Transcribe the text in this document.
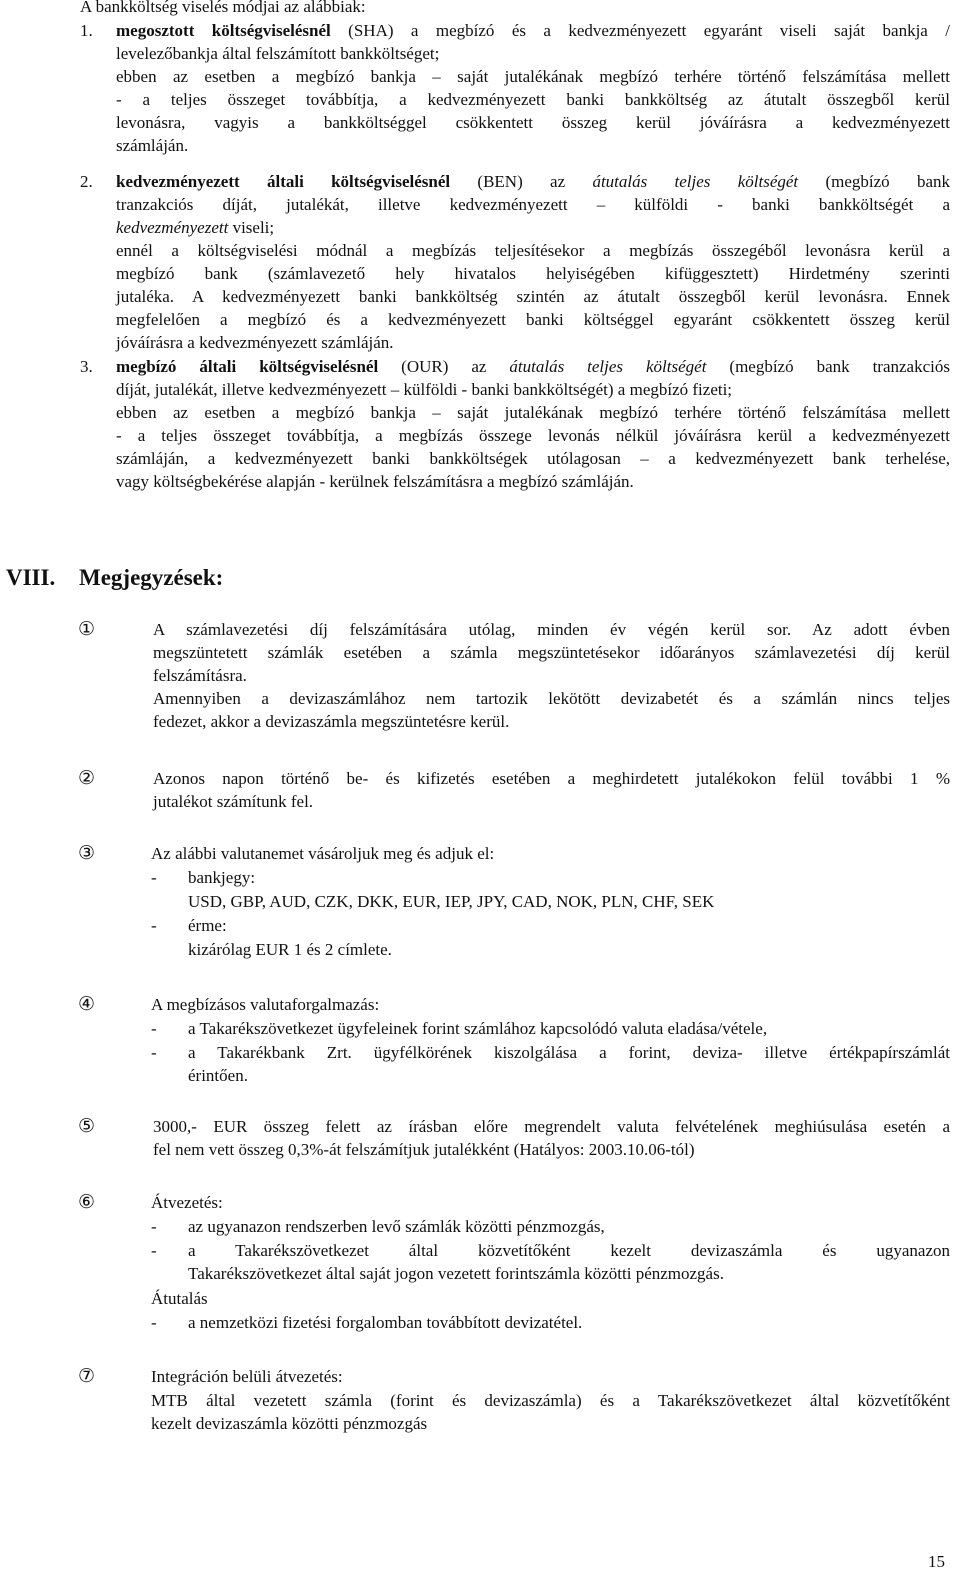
A bankköltség viselés módjai az alábbiak:
1. megosztott költségviselésnél (SHA) a megbízó és a kedvezményezett egyaránt viseli saját bankja /
levelezőbankja által felszámított bankköltséget;
ebben az esetben a megbízó bankja – saját jutalékának megbízó terhére történő felszámítása mellett
- a teljes összeget továbbítja, a kedvezményezett banki bankköltség az átutalt összegből kerül
levonásra, vagyis a bankköltséggel csökkentett összeg kerül jóváírásra a kedvezményezett
számláján.
2. kedvezményezett általi költségviselésnél (BEN) az átutalás teljes költségét (megbízó bank
tranzakciós díját, jutalékát, illetve kedvezményezett – külföldi - banki bankköltségét a
kedvezményezett viseli;
ennél a költségviselési módnál a megbízás teljesítésekor a megbízás összegéből levonásra kerül a
megbízó bank (számlavezető hely hivatalos helyiségében kifüggesztett) Hirdetmény szerinti
jutaléka. A kedvezményezett banki bankköltség szintén az átutalt összegből kerül levonásra. Ennek
megfelelően a megbízó és a kedvezményezett banki költséggel egyaránt csökkentett összeg kerül
jóváírásra a kedvezményezett számláján.
3. megbízó általi költségviselésnél (OUR) az átutalás teljes költségét (megbízó bank tranzakciós
díját, jutalékát, illetve kedvezményezett – külföldi - banki bankköltségét) a megbízó fizeti;
ebben az esetben a megbízó bankja – saját jutalékának megbízó terhére történő felszámítása mellett
- a teljes összeget továbbítja, a megbízás összege levonás nélkül jóváírásra kerül a kedvezményezett
számláján, a kedvezményezett banki bankköltségek utólagosan – a kedvezményezett bank terhelése,
vagy költségbekérése alapján - kerülnek felszámításra a megbízó számláján.
VIII. Megjegyzések:
①	A számlavezetési díj felszámítására utólag, minden év végén kerül sor. Az adott évben
megszüntetett számlák esetében a számla megszüntetésekor időarányos számlavezetési díj kerül
felszámításra.
Amennyiben a devizaszámlához nem tartozik lekötött devizabetét és a számlán nincs teljes
fedezet, akkor a devizaszámla megszüntetésre kerül.
②	Azonos napon történő be- és kifizetés esetében a meghirdetett jutalékokon felül további 1 %
jutalékot számítunk fel.
③	Az alábbi valutanemet vásároljuk meg és adjuk el:
- bankjegy:
USD, GBP, AUD, CZK, DKK, EUR, IEP, JPY, CAD, NOK, PLN, CHF, SEK
- érme:
kizárólag EUR 1 és 2 címlete.
④	A megbízásos valutaforgalmazás:
- a Takarékszövetkezet ügyfeleinek forint számlához kapcsolódó valuta eladása/vétele,
- a Takarékbank Zrt. ügyfélkörének kiszolgálása a forint, deviza- illetve értékpapírszámlát
érintően.
⑤	3000,- EUR összeg felett az írásban előre megrendelt valuta felvételének meghiúsulása esetén a
fel nem vett összeg 0,3%-át felszámítjuk jutalékként (Hatályos: 2003.10.06-tól)
⑥	Átvezetés:
- az ugyanazon rendszerben levő számlák közötti pénzmozgás,
- a Takarékszövetkezet által közvetítőként kezelt devizaszámla és ugyanazon
Takarékszövetkezet által saját jogon vezetett forintszámla közötti pénzmozgás.
Átutalás
- a nemzetközi fizetési forgalomban továbbított devizatétel.
⑦	Integráción belüli átvezetés:
MTB által vezetett számla (forint és devizaszámla) és a Takarékszövetkezet által közvetítőként
kezelt devizaszámla közötti pénzmozgás
15
